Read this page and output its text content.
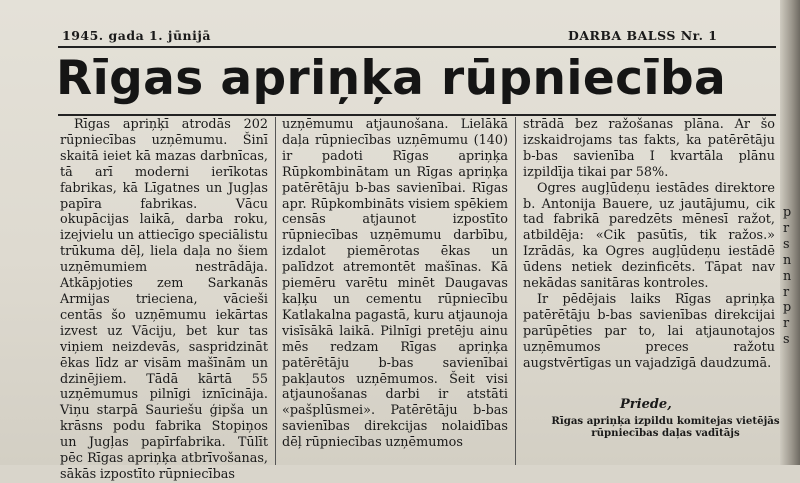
1945. gada 1. jūnijā	DARBA BALSS Nr. 1
Rīgas apriņķa rūpniecība
Rīgas apriņķī atrodās 202 rūpniecības uzņēmumu. Šinī skaitā ieiet kā mazas darbnīcas, tā arī moderni ierīkotas fabrikas, kā Līgatnes un Jugļas papīra fabrikas. Vācu okupācijas laikā, darba roku, izejvielu un attiecīgo speciālistu trūkuma dēļ, liela daļa no šiem uzņēmumiem nestrādāja. Atkāpjoties zem Sarkanās Armijas triecienа, vācieši centās šo uzņēmumu iekārtas izvest uz Vāciju, bet kur tas viņiem neizdevās, saspridzināt ēkas līdz ar visām mašīnām un dzinējiem. Tādā kārtā 55 uzņēmumus pilnīgi iznīcināja. Viņu starpā Sauriešu ģipša un krāsns podu fabrika Stopiņos un Jugļas papīrfabrika. Tūlīt pēc Rīgas apriņķa atbrīvošanas, sākās izpostīto rūpniecības
uzņēmumu atjaunošana. Lielākā daļa rūpniecības uzņēmumu (140) ir padoti Rīgas apriņķa Rūpkombinātam un Rīgas apriņķa patērētāju b-bas savienībai. Rīgas apr. Rūpkombināts visiem spēkiem censās atjaunot izpostīto rūpniecības uzņēmumu darbību, izdalot piemērotas ēkas un palīdzot atremontēt mašīnas. Kā piemēru varētu minēt Daugavas kaļķu un cementu rūpniecību Katlakalna pagastā, kuru atjaunoja visīsākā laikā. Pilnīgi pretēju ainu mēs redzam Rīgas apriņķa patērētāju b-bas savienībai pakļautos uzņēmumos. Šeit visi atjaunošanas darbi ir atstāti «pašplūsmei». Patērētāju b-bas savienības direkcijas nolaidības dēļ rūpniecības uzņēmumos
strādā bez ražošanas plāna. Ar šo izskaidrojams tas fakts, ka patērētāju b-bas savienība I kvartāla plānu izpildīja tikai par 58%.
Ogres augļūdeņu iestādes direktore b. Antonija Bauere, uz jautājumu, cik tad fabrikā paredzēts mēnesī ražot, atbildēja: «Cik pasūtīs, tik ražos.» Izrādās, ka Ogres augļūdeņu iestādē ūdens netiek dezinficēts. Tāpat nav nekādas sanitāras kontroles.
Ir pēdējais laiks Rīgas apriņķa patērētāju b-bas savienības direkcijai parūpēties par to, lai atjaunotajos uzņēmumos preces ražotu augstvērtīgas un vajadzīgā daudzumā.
p
r
s
n
n
r
p
r
s
Priede,
Rīgas apriņķa izpildu komitejas vietējās rūpniecības daļas vadītājs
